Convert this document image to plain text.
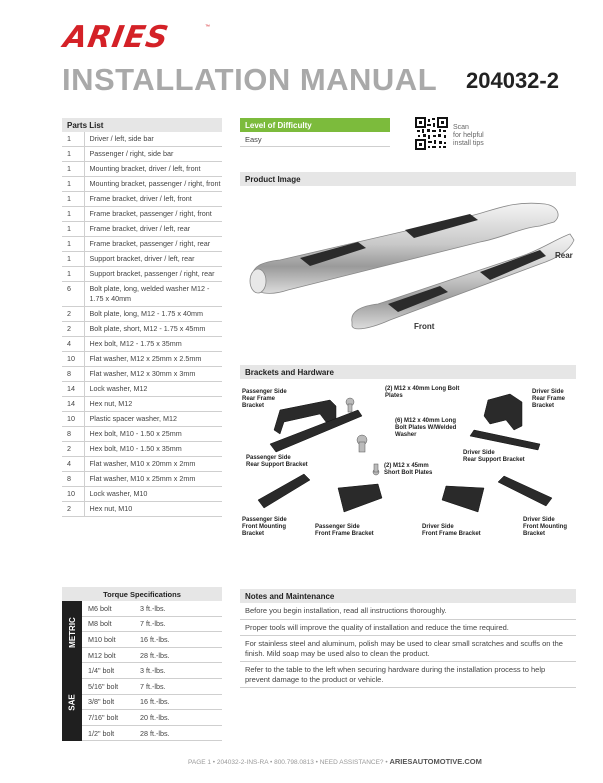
ARIES	™
INSTALLATION MANUAL 204032-2
Parts List
1	Driver / left, side bar
1	Passenger / right, side bar
1	Mounting bracket, driver / left, front
1	Mounting bracket, passenger / right, front
1	Frame bracket, driver / left, front
1	Frame bracket, passenger / right, front
1	Frame bracket, driver / left, rear
1	Frame bracket, passenger / right, rear
1	Support bracket, driver / left, rear
1	Support bracket, passenger / right, rear
6	Bolt plate, long, welded washer M12 - 1.75 x 40mm
2	Bolt plate, long, M12 - 1.75 x 40mm
2	Bolt plate, short, M12 - 1.75 x 45mm
4	Hex bolt, M12 - 1.75 x 35mm
10	Flat washer, M12 x 25mm x 2.5mm
8	Flat washer, M12 x 30mm x 3mm
14	Lock washer, M12
14	Hex nut, M12
10	Plastic spacer washer, M12
8	Hex bolt, M10 - 1.50 x 25mm
2	Hex bolt, M10 - 1.50 x 35mm
4	Flat washer, M10 x 20mm x 2mm
8	Flat washer, M10 x 25mm x 2mm
10	Lock washer, M10
2	Hex nut, M10
Torque Specifications
METRIC
M6 bolt	3 ft.-lbs.
M8 bolt	7 ft.-lbs.
M10 bolt	16 ft.-lbs.
M12 bolt	28 ft.-lbs.
SAE
1/4" bolt	3 ft.-lbs.
5/16" bolt	7 ft.-lbs.
3/8" bolt	16 ft.-lbs.
7/16" bolt	20 ft.-lbs.
1/2" bolt	28 ft.-lbs.
Level of Difficulty
Easy
Scan
for helpful
install tips
Product Image
Rear
Front
Brackets and Hardware
Passenger Side
Rear Frame
Bracket
(2) M12 x 40mm Long Bolt
Plates
(6) M12 x 40mm Long
Bolt Plates W/Welded
Washer
Driver Side
Rear Frame
Bracket
Passenger Side
Rear Support Bracket
Driver Side
Rear Support Bracket
(2) M12 x 45mm
Short Bolt Plates
Passenger Side
Front Mounting
Bracket
Passenger Side
Front Frame Bracket
Driver Side
Front Frame Bracket
Driver Side
Front Mounting
Bracket
Notes and Maintenance
Before you begin installation, read all instructions thoroughly.
Proper tools will improve the quality of installation and reduce the time required.
For stainless steel and aluminum, polish may be used to clear small scratches and scuffs on the finish. Mild soap may be used also to clean the product.
Refer to the table to the left when securing hardware during the installation process to help prevent damage to the product or vehicle.
PAGE 1 • 204032-2-INS-RA • 800.798.0813 • NEED ASSISTANCE? • ARIESAUTOMOTIVE.COM
